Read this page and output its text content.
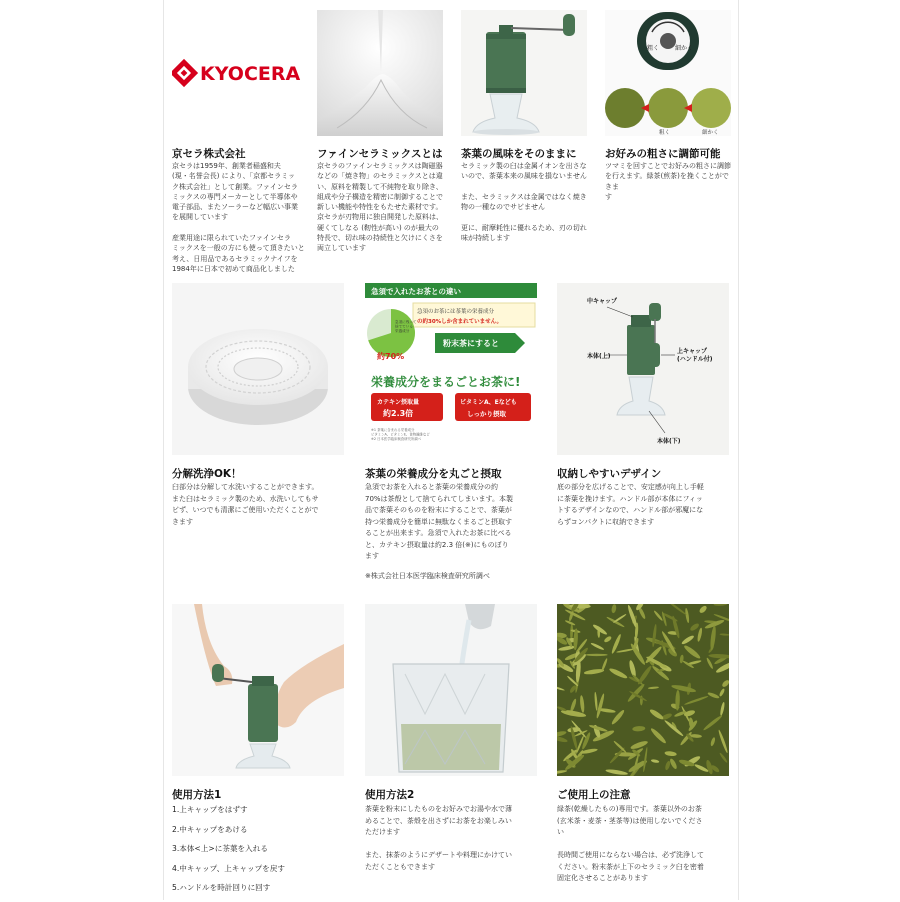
KYOCERA
粗く	細かく
粗く	細かく
京セラ株式会社
京セラは1959年、創業者稲盛和夫
(現・名誉会長) により、「京都セラミッ
ク株式会社」として創業。ファインセラ
ミックスの専門メーカーとして半導体や
電子部品、またソーラーなど幅広い事業
を展開しています

産業用途に限られていたファインセラ
ミックスを一般の方にも使って頂きたいと
考え、日用品であるセラミックナイフを
1984年に日本で初めて商品化しました
ファインセラミックスとは
京セラのファインセラミックスは陶磁器
などの「焼き物」のセラミックスとは違
い、原料を精製して不純物を取り除き、
組成や分子構造を精密に制御することで
新しい機能や特性をもたせた素材です。
京セラが刃物用に独自開発した原料は、
硬くてしなる (靭性が高い) のが最大の
特長で、切れ味の持続性と欠けにくさを
両立しています
茶葉の風味をそのままに
セラミック製の臼は金属イオンを出さな
いので、茶葉本来の風味を損ないません

また、セラミックスは金属ではなく焼き
物の一種なのでサビません

更に、耐摩耗性に優れるため、刃の切れ
味が持続します
お好みの粗さに調節可能
ツマミを回すことでお好みの粗さに調節
を行えます。緑茶(煎茶)を挽くことができま
す
急須で入れたお茶との違い
急須のお茶には茶葉の栄養成分
の約30%しか含まれていません。
約70%
急須に残って捨てている栄養成分
粉末茶にすると
栄養成分をまるごとお茶に!
カテキン摂取量
約2.3倍
ビタミンA、Eなども
しっかり摂取
※1 茶葉に含まれる栄養成分ビタミンA、ビタミンE、食物繊維など※2 日本医学臨床検査研究所調べ
中キャップ
本体(上)
上キャップ(ハンドル付)
本体(下)
分解洗浄OK！
臼部分は分解して水洗いすることができます。
また臼はセラミック製のため、水洗いしてもサ
ビず、いつでも清潔にご使用いただくことがで
きます
茶葉の栄養成分を丸ごと摂取
急須でお茶を入れると茶葉の栄養成分の約
70%は茶殻として捨てられてしまいます。本製
品で茶葉そのものを粉末にすることで、茶葉が
持つ栄養成分を簡単に無駄なくまるごと摂取す
ることが出来ます。急須で入れたお茶に比べる
と、カテキン摂取量は約2.3 倍(※)にものぼり
ます
※株式会社日本医学臨床検査研究所調べ
収納しやすいデザイン
底の部分を広げることで、安定感が向上し手軽
に茶葉を挽けます。ハンドル部が本体にフィッ
トするデザインなので、ハンドル部が邪魔にな
らずコンパクトに収納できます
使用方法1
1.上キャップをはずす
2.中キャップをあける
3.本体<上>に茶葉を入れる
4.中キャップ、上キャップを戻す
5.ハンドルを時計回りに回す
使用方法2
茶葉を粉末にしたものをお好みでお湯や水で薄
めることで、茶殻を出さずにお茶をお楽しみい
ただけます

また、抹茶のようにデザートや料理にかけてい
ただくこともできます
ご使用上の注意
緑茶(乾燥したもの)専用です。茶葉以外のお茶
(玄米茶・麦茶・茎茶等)は使用しないでくださ
い

長時間ご使用にならない場合は、必ず洗浄して
ください。粉末茶が上下のセラミック臼を密着
固定化させることがあります
